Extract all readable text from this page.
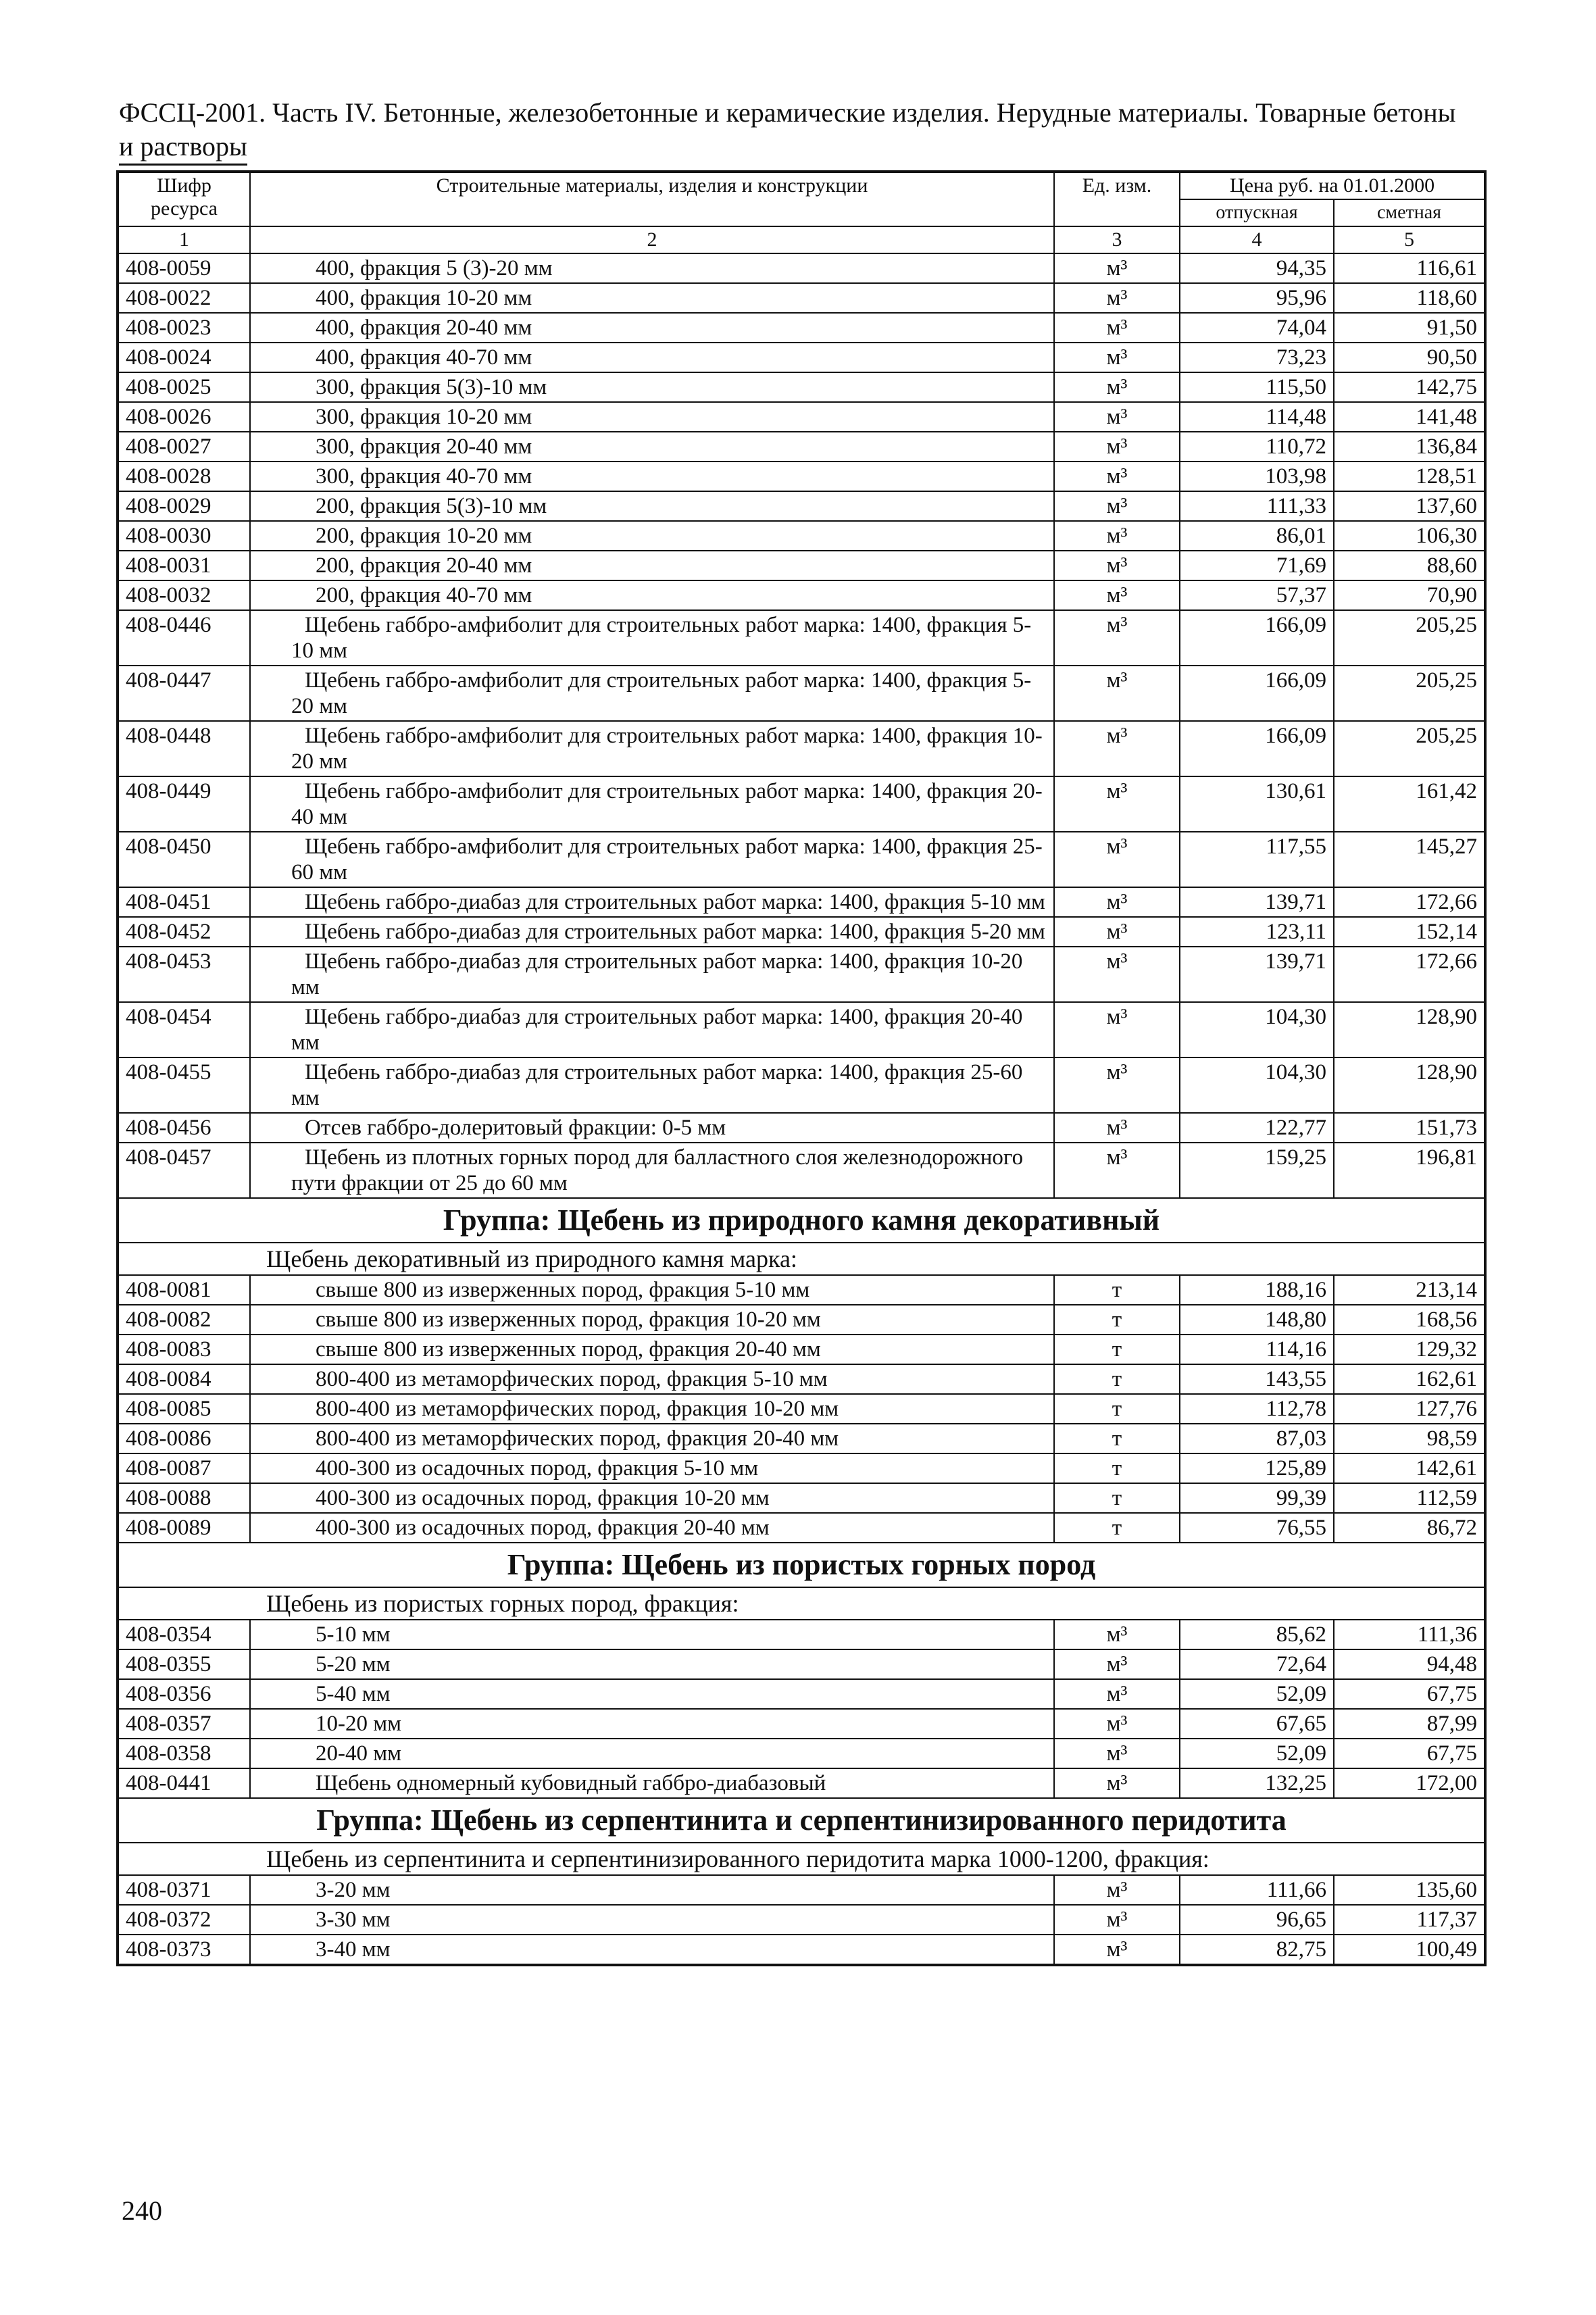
ФССЦ-2001. Часть IV. Бетонные, железобетонные и керамические изделия. Нерудные материалы. Товарные бетоны
и растворы
Шифр ресурса	Строительные материалы, изделия и конструкции	Ед. изм.	Цена руб. на 01.01.2000	
			отпускная	сметная
1	2	3	4	5
408-0059	400, фракция 5 (3)-20 мм	м³	94,35	116,61
408-0022	400, фракция 10-20 мм	м³	95,96	118,60
408-0023	400, фракция 20-40 мм	м³	74,04	91,50
408-0024	400, фракция 40-70 мм	м³	73,23	90,50
408-0025	300, фракция 5(3)-10 мм	м³	115,50	142,75
408-0026	300, фракция 10-20 мм	м³	114,48	141,48
408-0027	300, фракция 20-40 мм	м³	110,72	136,84
408-0028	300, фракция 40-70 мм	м³	103,98	128,51
408-0029	200, фракция 5(3)-10 мм	м³	111,33	137,60
408-0030	200, фракция 10-20 мм	м³	86,01	106,30
408-0031	200, фракция 20-40 мм	м³	71,69	88,60
408-0032	200, фракция 40-70 мм	м³	57,37	70,90
408-0446	Щебень габбро-амфиболит для строительных работ марка: 1400, фракция 5-10 мм	м³	166,09	205,25
408-0447	Щебень габбро-амфиболит для строительных работ марка: 1400, фракция 5-20 мм	м³	166,09	205,25
408-0448	Щебень габбро-амфиболит для строительных работ марка: 1400, фракция 10-20 мм	м³	166,09	205,25
408-0449	Щебень габбро-амфиболит для строительных работ марка: 1400, фракция 20-40 мм	м³	130,61	161,42
408-0450	Щебень габбро-амфиболит для строительных работ марка: 1400, фракция 25-60 мм	м³	117,55	145,27
408-0451	Щебень габбро-диабаз для строительных работ марка: 1400, фракция 5-10 мм	м³	139,71	172,66
408-0452	Щебень габбро-диабаз для строительных работ марка: 1400, фракция 5-20 мм	м³	123,11	152,14
408-0453	Щебень габбро-диабаз для строительных работ марка: 1400, фракция 10-20 мм	м³	139,71	172,66
408-0454	Щебень габбро-диабаз для строительных работ марка: 1400, фракция 20-40 мм	м³	104,30	128,90
408-0455	Щебень габбро-диабаз для строительных работ марка: 1400, фракция 25-60 мм	м³	104,30	128,90
408-0456	Отсев габбро-долеритовый фракции: 0-5 мм	м³	122,77	151,73
408-0457	Щебень из плотных горных пород для балластного слоя железнодорожного пути фракции от 25 до 60 мм	м³	159,25	196,81
Группа: Щебень из природного камня декоративный				
Щебень декоративный из природного камня марка:				
408-0081	свыше 800 из изверженных пород, фракция 5-10 мм	т	188,16	213,14
408-0082	свыше 800 из изверженных пород, фракция 10-20 мм	т	148,80	168,56
408-0083	свыше 800 из изверженных пород, фракция 20-40 мм	т	114,16	129,32
408-0084	800-400 из метаморфических пород, фракция 5-10 мм	т	143,55	162,61
408-0085	800-400 из метаморфических пород, фракция 10-20 мм	т	112,78	127,76
408-0086	800-400 из метаморфических пород, фракция 20-40 мм	т	87,03	98,59
408-0087	400-300 из осадочных пород, фракция 5-10 мм	т	125,89	142,61
408-0088	400-300 из осадочных пород, фракция 10-20 мм	т	99,39	112,59
408-0089	400-300 из осадочных пород, фракция 20-40 мм	т	76,55	86,72
Группа: Щебень из пористых горных пород				
Щебень из пористых горных пород, фракция:				
408-0354	5-10 мм	м³	85,62	111,36
408-0355	5-20 мм	м³	72,64	94,48
408-0356	5-40 мм	м³	52,09	67,75
408-0357	10-20 мм	м³	67,65	87,99
408-0358	20-40 мм	м³	52,09	67,75
408-0441	Щебень одномерный кубовидный габбро-диабазовый	м³	132,25	172,00
Группа: Щебень из серпентинита и серпентинизированного перидотита				
Щебень из серпентинита и серпентинизированного перидотита марка 1000-1200, фракция:				
408-0371	3-20 мм	м³	111,66	135,60
408-0372	3-30 мм	м³	96,65	117,37
408-0373	3-40 мм	м³	82,75	100,49
240
